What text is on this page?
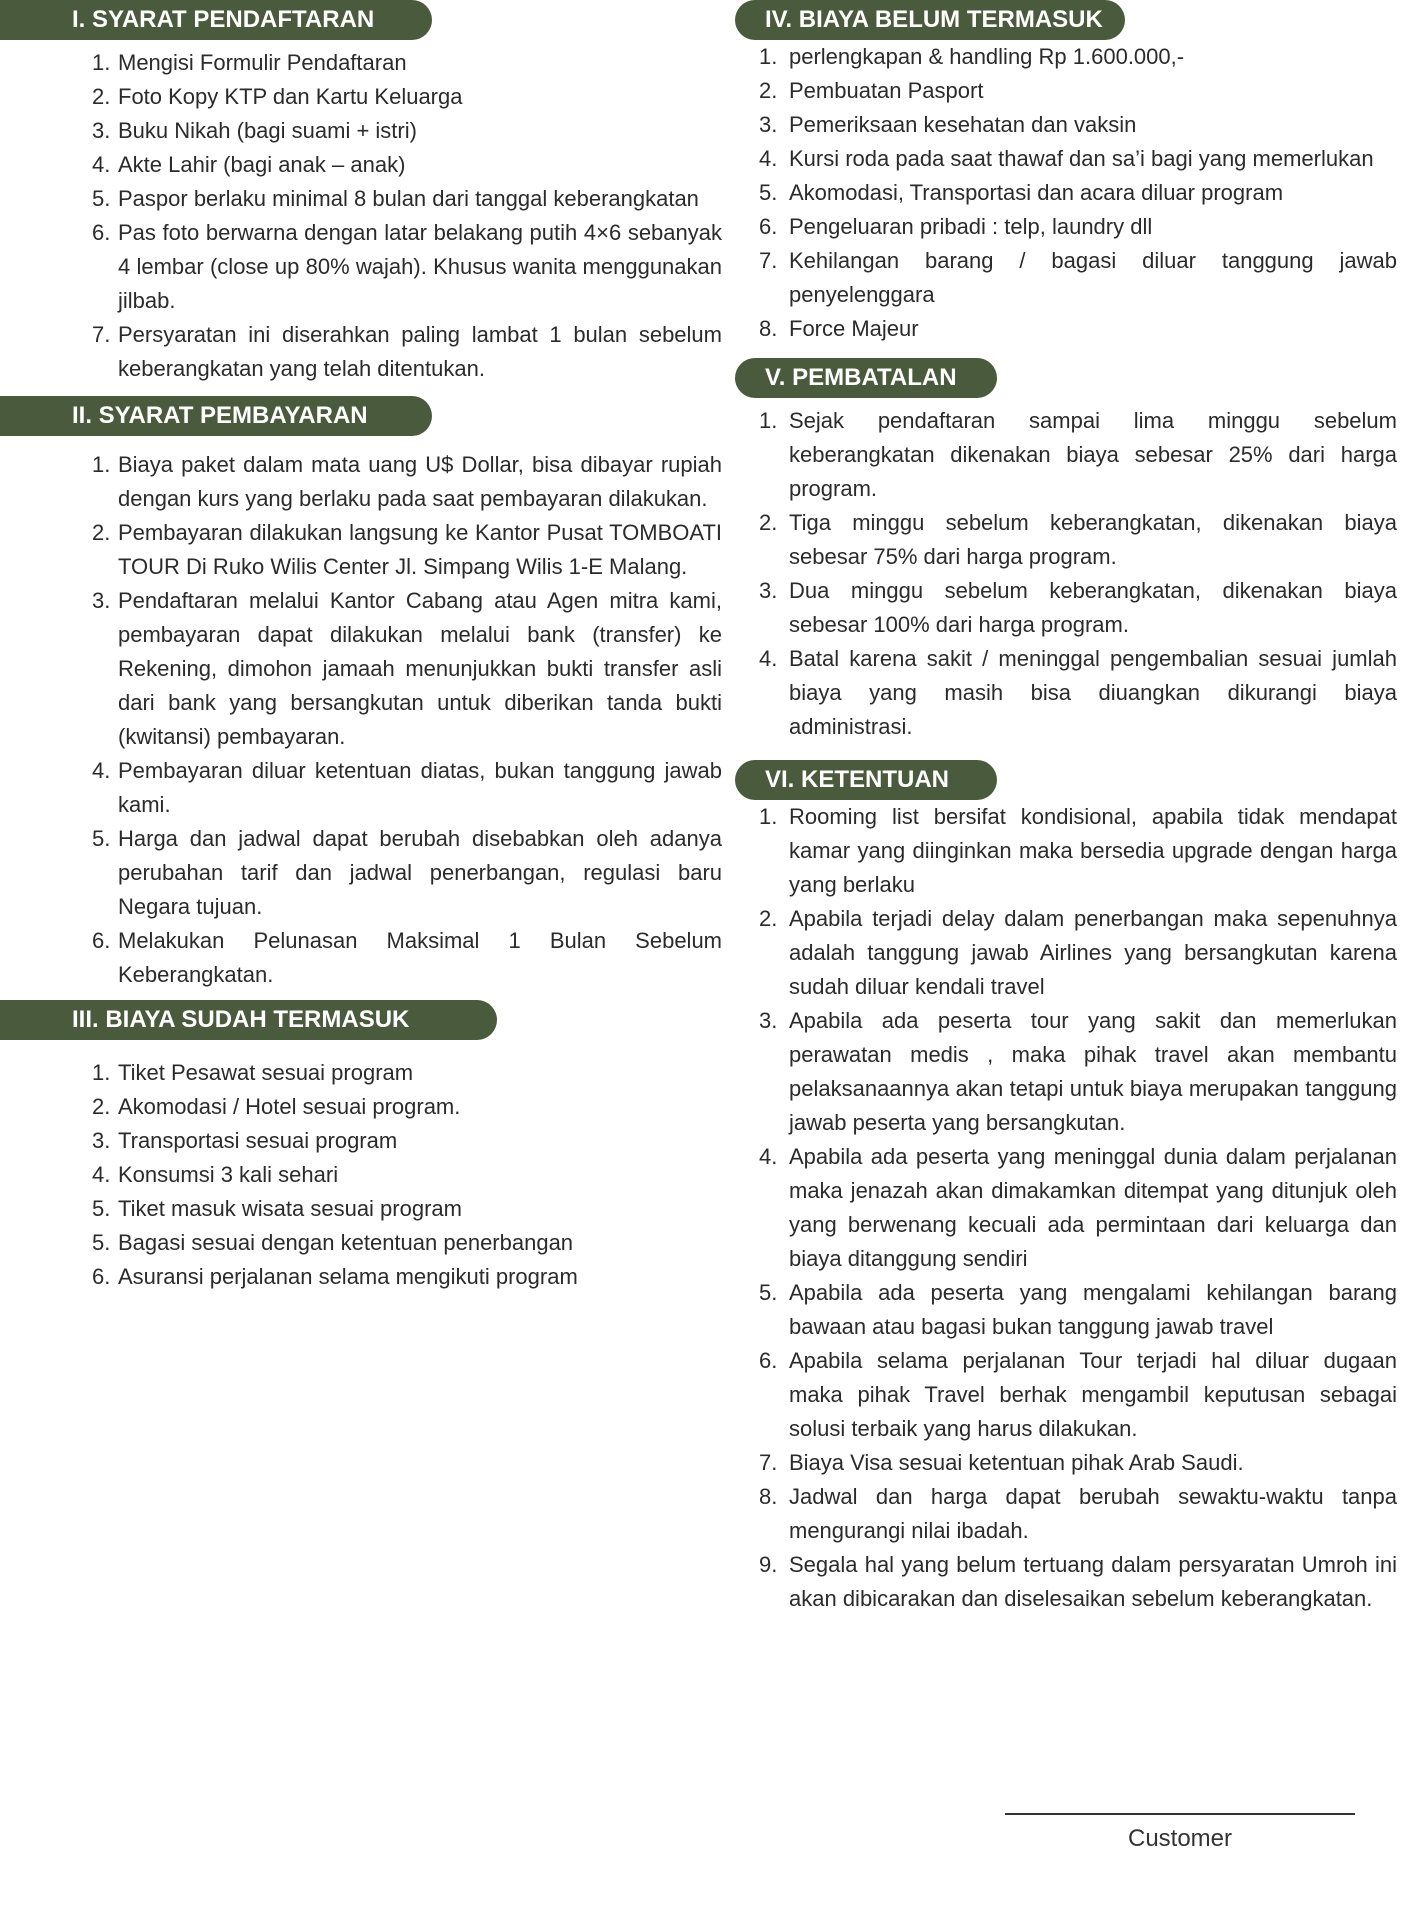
I. SYARAT PENDAFTARAN
1. Mengisi Formulir Pendaftaran
2. Foto Kopy KTP dan Kartu Keluarga
3. Buku Nikah (bagi suami + istri)
4. Akte Lahir (bagi anak – anak)
5. Paspor berlaku minimal 8 bulan dari tanggal keberangkatan
6. Pas foto berwarna dengan latar belakang putih 4×6 sebanyak 4 lembar (close up 80% wajah). Khusus wanita menggunakan jilbab.
7. Persyaratan ini diserahkan paling lambat 1 bulan sebelum keberangkatan yang telah ditentukan.
II. SYARAT PEMBAYARAN
1. Biaya paket dalam mata uang U$ Dollar, bisa dibayar rupiah dengan kurs yang berlaku pada saat pembayaran dilakukan.
2. Pembayaran dilakukan langsung ke Kantor Pusat TOMBOATI TOUR Di Ruko Wilis Center Jl. Simpang Wilis 1-E Malang.
3. Pendaftaran melalui Kantor Cabang atau Agen mitra kami, pembayaran dapat dilakukan melalui bank (transfer) ke Rekening, dimohon jamaah menunjukkan bukti transfer asli dari bank yang bersangkutan untuk diberikan tanda bukti (kwitansi) pembayaran.
4. Pembayaran diluar ketentuan diatas, bukan tanggung jawab kami.
5. Harga dan jadwal dapat berubah disebabkan oleh adanya perubahan tarif dan jadwal penerbangan, regulasi baru Negara tujuan.
6. Melakukan Pelunasan Maksimal 1 Bulan Sebelum Keberangkatan.
III. BIAYA SUDAH TERMASUK
1. Tiket Pesawat sesuai program
2. Akomodasi / Hotel sesuai program.
3. Transportasi sesuai program
4. Konsumsi 3 kali sehari
5. Tiket masuk wisata sesuai program
5. Bagasi sesuai dengan ketentuan penerbangan
6. Asuransi perjalanan selama mengikuti program
IV. BIAYA BELUM TERMASUK
1. perlengkapan & handling Rp 1.600.000,-
2. Pembuatan Pasport
3. Pemeriksaan kesehatan dan vaksin
4. Kursi roda pada saat thawaf dan sa’i bagi yang memerlukan
5. Akomodasi, Transportasi dan acara diluar program
6. Pengeluaran pribadi : telp, laundry dll
7. Kehilangan barang / bagasi diluar tanggung jawab penyelenggara
8. Force Majeur
V. PEMBATALAN
1. Sejak pendaftaran sampai lima minggu sebelum keberangkatan dikenakan biaya sebesar 25% dari harga program.
2. Tiga minggu sebelum keberangkatan, dikenakan biaya sebesar 75% dari harga program.
3. Dua minggu sebelum keberangkatan, dikenakan biaya sebesar 100% dari harga program.
4. Batal karena sakit / meninggal pengembalian sesuai jumlah biaya yang masih bisa diuangkan dikurangi biaya administrasi.
VI. KETENTUAN
1. Rooming list bersifat kondisional, apabila tidak mendapat kamar yang diinginkan maka bersedia upgrade dengan harga yang berlaku
2. Apabila terjadi delay dalam penerbangan maka sepenuhnya adalah tanggung jawab Airlines yang bersangkutan karena sudah diluar kendali travel
3. Apabila ada peserta tour yang sakit dan memerlukan perawatan medis , maka pihak travel akan membantu pelaksanaannya akan tetapi untuk biaya merupakan tanggung jawab peserta yang bersangkutan.
4. Apabila ada peserta yang meninggal dunia dalam perjalanan maka jenazah akan dimakamkan ditempat yang ditunjuk oleh yang berwenang kecuali ada permintaan dari keluarga dan biaya ditanggung sendiri
5. Apabila ada peserta yang mengalami kehilangan barang bawaan atau bagasi bukan tanggung jawab travel
6. Apabila selama perjalanan Tour terjadi hal diluar dugaan maka pihak Travel berhak mengambil keputusan sebagai solusi terbaik yang harus dilakukan.
7. Biaya Visa sesuai ketentuan pihak Arab Saudi.
8. Jadwal dan harga dapat berubah sewaktu-waktu tanpa mengurangi nilai ibadah.
9. Segala hal yang belum tertuang dalam persyaratan Umroh ini akan dibicarakan dan diselesaikan sebelum keberangkatan.
Customer
